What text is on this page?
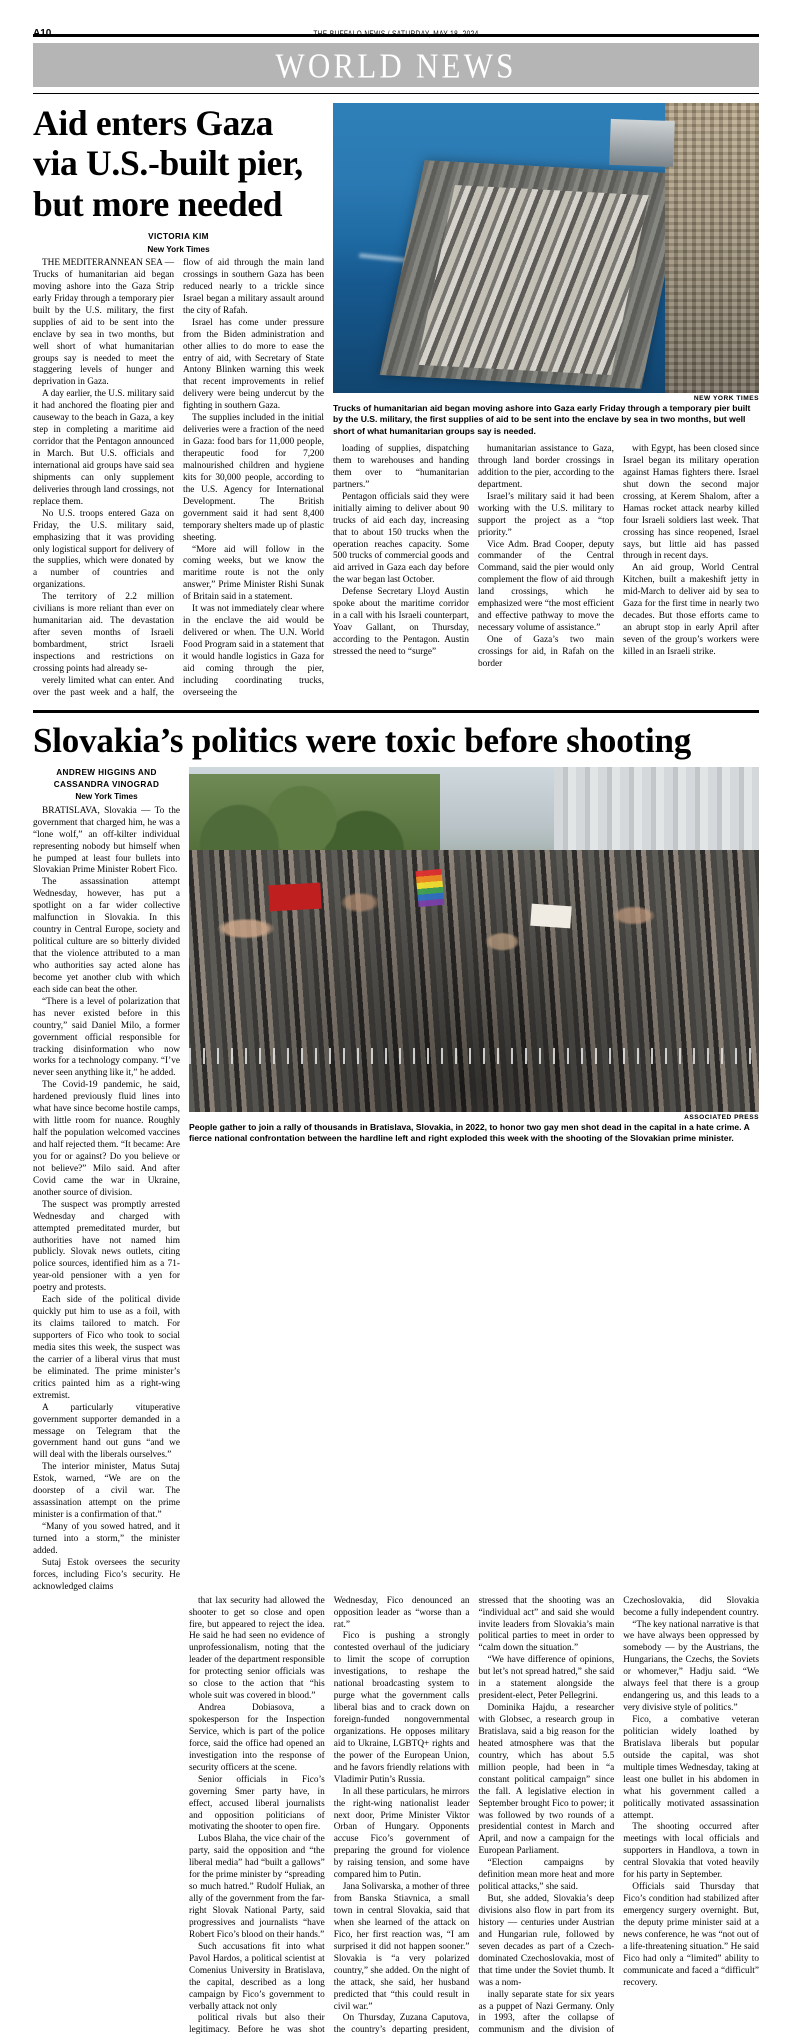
A10	THE BUFFALO NEWS / SATURDAY, MAY 18, 2024
WORLD NEWS
Aid enters Gaza via U.S.-built pier, but more needed
VICTORIA KIM
New York Times

THE MEDITERANNEAN SEA — Trucks of humanitarian aid began moving ashore into the Gaza Strip early Friday through a temporary pier built by the U.S. military, the first supplies of aid to be sent into the enclave by sea in two months, but well short of what humanitarian groups say is needed to meet the staggering levels of hunger and deprivation in Gaza.

A day earlier, the U.S. military said it had anchored the floating pier and causeway to the beach in Gaza, a key step in completing a maritime aid corridor that the Pentagon announced in March. But U.S. officials and international aid groups have said sea shipments can only supplement deliveries through land crossings, not replace them.

No U.S. troops entered Gaza on Friday, the U.S. military said, emphasizing that it was providing only logistical support for delivery of the supplies, which were donated by a number of countries and organizations.

The territory of 2.2 million civilians is more reliant than ever on humanitarian aid. The devastation after seven months of Israeli bombardment, strict Israeli inspections and restrictions on crossing points had already se-

verely limited what can enter. And over the past week and a half, the flow of aid through the main land crossings in southern Gaza has been reduced nearly to a trickle since Israel began a military assault around the city of Rafah.

Israel has come under pressure from the Biden administration and other allies to do more to ease the entry of aid, with Secretary of State Antony Blinken warning this week that recent improvements in relief delivery were being undercut by the fighting in southern Gaza.

The supplies included in the initial deliveries were a fraction of the need in Gaza: food bars for 11,000 people, therapeutic food for 7,200 malnourished children and hygiene kits for 30,000 people, according to the U.S. Agency for International Development. The British government said it had sent 8,400 temporary shelters made up of plastic sheeting.

“More aid will follow in the coming weeks, but we know the maritime route is not the only answer,” Prime Minister Rishi Sunak of Britain said in a statement.

It was not immediately clear where in the enclave the aid would be delivered or when. The U.N. World Food Program said in a statement that it would handle logistics in Gaza for aid coming through the pier, including coordinating trucks, overseeing the

NEW YORK TIMES
Trucks of humanitarian aid began moving ashore into Gaza early Friday through a temporary pier built by the U.S. military, the first supplies of aid to be sent into the enclave by sea in two months, but well short of what humanitarian groups say is needed.

loading of supplies, dispatching them to warehouses and handing them over to “humanitarian partners.”

Pentagon officials said they were initially aiming to deliver about 90 trucks of aid each day, increasing that to about 150 trucks when the operation reaches capacity. Some 500 trucks of commercial goods and aid arrived in Gaza each day before the war began last October.

Defense Secretary Lloyd Austin spoke about the maritime corridor in a call with his Israeli counterpart, Yoav Gallant, on Thursday, according to the Pentagon. Austin stressed the need to “surge”

humanitarian assistance to Gaza, through land border crossings in addition to the pier, according to the department.

Israel’s military said it had been working with the U.S. military to support the project as a “top priority.”

Vice Adm. Brad Cooper, deputy commander of the Central Command, said the pier would only complement the flow of aid through land crossings, which he emphasized were “the most efficient and effective pathway to move the necessary volume of assistance.”

One of Gaza’s two main crossings for aid, in Rafah on the border

with Egypt, has been closed since Israel began its military operation against Hamas fighters there. Israel shut down the second major crossing, at Kerem Shalom, after a Hamas rocket attack nearby killed four Israeli soldiers last week. That crossing has since reopened, Israel says, but little aid has passed through in recent days.

An aid group, World Central Kitchen, built a makeshift jetty in mid-March to deliver aid by sea to Gaza for the first time in nearly two decades. But those efforts came to an abrupt stop in early April after seven of the group’s workers were killed in an Israeli strike.

Slovakia’s politics were toxic before shooting
ANDREW HIGGINS AND
CASSANDRA VINOGRAD
New York Times

BRATISLAVA, Slovakia — To the government that charged him, he was a “lone wolf,” an off-kilter individual representing nobody but himself when he pumped at least four bullets into Slovakian Prime Minister Robert Fico.

The assassination attempt Wednesday, however, has put a spotlight on a far wider collective malfunction in Slovakia. In this country in Central Europe, society and political culture are so bitterly divided that the violence attributed to a man who authorities say acted alone has become yet another club with which each side can beat the other.

“There is a level of polarization that has never existed before in this country,” said Daniel Milo, a former government official responsible for tracking disinformation who now works for a technology company. “I’ve never seen anything like it,” he added.

The Covid-19 pandemic, he said, hardened previously fluid lines into what have since become hostile camps, with little room for nuance. Roughly half the population welcomed vaccines and half rejected them. “It became: Are you for or against? Do you believe or not believe?” Milo said. And after Covid came the war in Ukraine, another source of division.

The suspect was promptly arrested Wednesday and charged with attempted premeditated murder, but authorities have not named him publicly. Slovak news outlets, citing police sources, identified him as a 71-year-old pensioner with a yen for poetry and protests.

Each side of the political divide quickly put him to use as a foil, with its claims tailored to match. For supporters of Fico who took to social media sites this week, the suspect was the carrier of a liberal virus that must be eliminated. The prime minister’s critics painted him as a right-wing extremist.

A particularly vituperative government supporter demanded in a message on Telegram that the government hand out guns “and we will deal with the liberals ourselves.”

The interior minister, Matus Sutaj Estok, warned, “We are on the doorstep of a civil war. The assassination attempt on the prime minister is a confirmation of that.”

“Many of you sowed hatred, and it turned into a storm,” the minister added.

Sutaj Estok oversees the security forces, including Fico’s security. He acknowledged claims

ASSOCIATED PRESS
People gather to join a rally of thousands in Bratislava, Slovakia, in 2022, to honor two gay men shot dead in the capital in a hate crime. A fierce national confrontation between the hardline left and right exploded this week with the shooting of the Slovakian prime minister.

that lax security had allowed the shooter to get so close and open fire, but appeared to reject the idea. He said he had seen no evidence of unprofessionalism, noting that the leader of the department responsible for protecting senior officials was so close to the action that “his whole suit was covered in blood.”

Andrea Dobiasova, a spokesperson for the Inspection Service, which is part of the police force, said the office had opened an investigation into the response of security officers at the scene.

Senior officials in Fico’s governing Smer party have, in effect, accused liberal journalists and opposition politicians of motivating the shooter to open fire.

Lubos Blaha, the vice chair of the party, said the opposition and “the liberal media” had “built a gallows” for the prime minister by “spreading so much hatred.” Rudolf Huliak, an ally of the government from the far-right Slovak National Party, said progressives and journalists “have Robert Fico’s blood on their hands.”

Such accusations fit into what Pavol Hardos, a political scientist at Comenius University in Bratislava, the capital, described as a long campaign by Fico’s government to verbally attack not only

political rivals but also their legitimacy. Before he was shot Wednesday, Fico denounced an opposition leader as “worse than a rat.”

Fico is pushing a strongly contested overhaul of the judiciary to limit the scope of corruption investigations, to reshape the national broadcasting system to purge what the government calls liberal bias and to crack down on foreign-funded nongovernmental organizations. He opposes military aid to Ukraine, LGBTQ+ rights and the power of the European Union, and he favors friendly relations with Vladimir Putin’s Russia.

In all these particulars, he mirrors the right-wing nationalist leader next door, Prime Minister Viktor Orban of Hungary. Opponents accuse Fico’s government of preparing the ground for violence by raising tension, and some have compared him to Putin.

Jana Solivarska, a mother of three from Banska Stiavnica, a small town in central Slovakia, said that when she learned of the attack on Fico, her first reaction was, “I am surprised it did not happen sooner.” Slovakia is “a very polarized country,” she added. On the night of the attack, she said, her husband predicted that “this could result in civil war.”

On Thursday, Zuzana Caputova, the country’s departing president, stressed that the shooting was an “individual act” and said she would invite leaders from Slovakia’s main political parties to meet in order to “calm down the situation.”

“We have difference of opinions, but let’s not spread hatred,” she said in a statement alongside the president-elect, Peter Pellegrini.

Dominika Hajdu, a researcher with Globsec, a research group in Bratislava, said a big reason for the heated atmosphere was that the country, which has about 5.5 million people, had been in “a constant political campaign” since the fall. A legislative election in September brought Fico to power; it was followed by two rounds of a presidential contest in March and April, and now a campaign for the European Parliament.

“Election campaigns by definition mean more heat and more political attacks,” she said.

But, she added, Slovakia’s deep divisions also flow in part from its history — centuries under Austrian and Hungarian rule, followed by seven decades as part of a Czech-dominated Czechoslovakia, most of that time under the Soviet thumb. It was a nom-

inally separate state for six years as a puppet of Nazi Germany. Only in 1993, after the collapse of communism and the division of Czechoslovakia, did Slovakia become a fully independent country.

“The key national narrative is that we have always been oppressed by somebody — by the Austrians, the Hungarians, the Czechs, the Soviets or whomever,” Hadju said. “We always feel that there is a group endangering us, and this leads to a very divisive style of politics.”

Fico, a combative veteran politician widely loathed by Bratislava liberals but popular outside the capital, was shot multiple times Wednesday, taking at least one bullet in his abdomen in what his government called a politically motivated assassination attempt.

The shooting occurred after meetings with local officials and supporters in Handlova, a town in central Slovakia that voted heavily for his party in September.

Officials said Thursday that Fico’s condition had stabilized after emergency surgery overnight. But, the deputy prime minister said at a news conference, he was “not out of a life-threatening situation.” He said Fico had only a “limited” ability to communicate and faced a “difficult” recovery.
